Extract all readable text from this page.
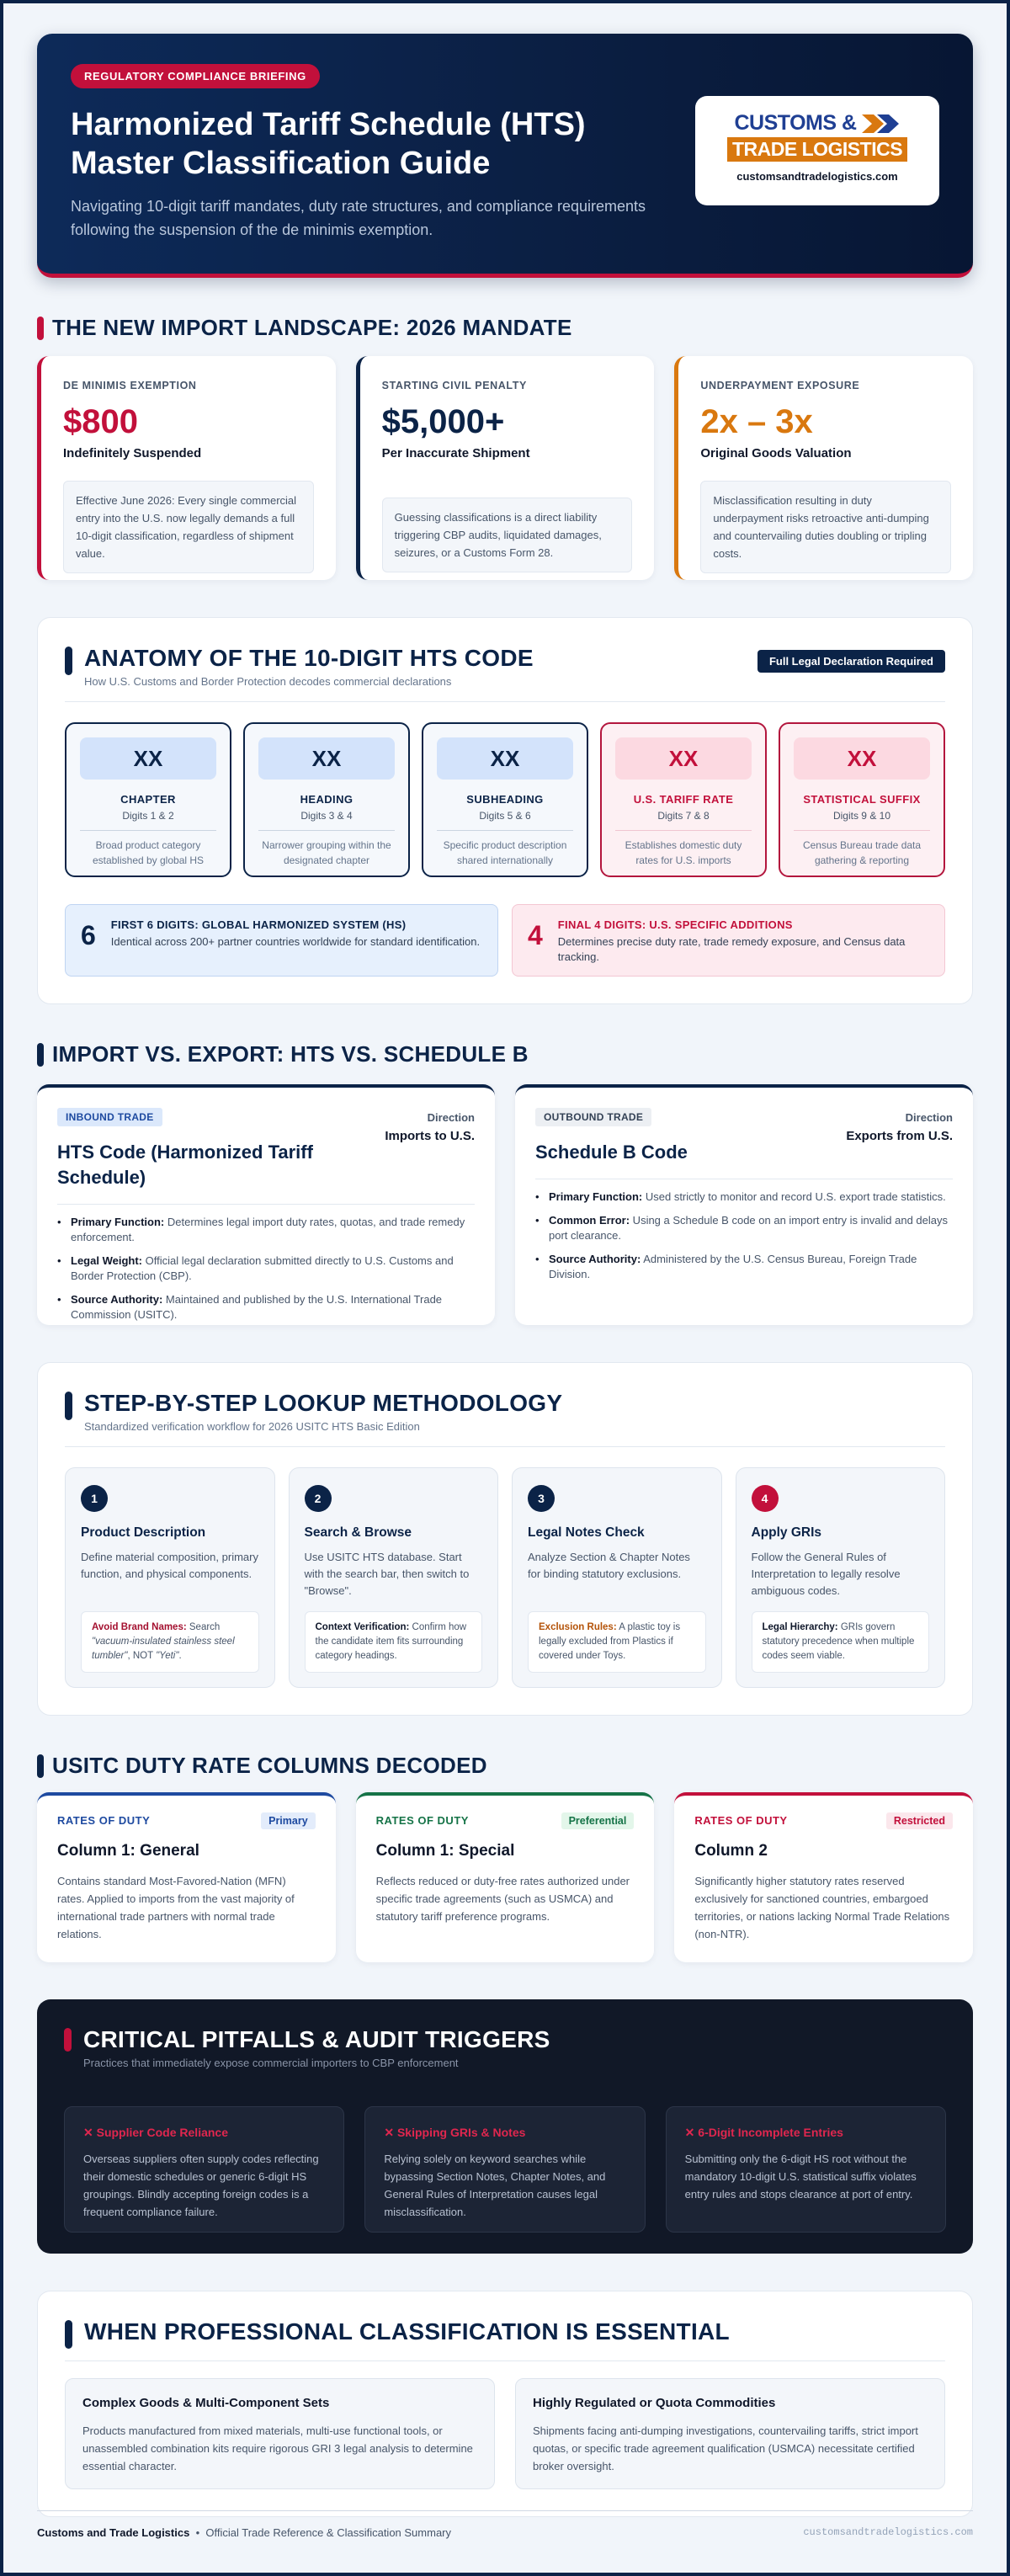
REGULATORY COMPLIANCE BRIEFING
Harmonized Tariff Schedule (HTS)
Master Classification Guide

Navigating 10-digit tariff mandates, duty rate structures, and compliance requirements following the suspension of the de minimis exemption.

CUSTOMS &
TRADE LOGISTICS
customsandtradelogistics.com
THE NEW IMPORT LANDSCAPE: 2026 MANDATE
DE MINIMIS EXEMPTION
$800
Indefinitely Suspended
Effective June 2026: Every single commercial entry into the U.S. now legally demands a full 10-digit classification, regardless of shipment value.
STARTING CIVIL PENALTY
$5,000+
Per Inaccurate Shipment
Guessing classifications is a direct liability triggering CBP audits, liquidated damages, seizures, or a Customs Form 28.
UNDERPAYMENT EXPOSURE
2x – 3x
Original Goods Valuation
Misclassification resulting in duty underpayment risks retroactive anti-dumping and countervailing duties doubling or tripling costs.
ANATOMY OF THE 10-DIGIT HTS CODE
How U.S. Customs and Border Protection decodes commercial declarations
Full Legal Declaration Required
XX
CHAPTER
Digits 1 & 2
Broad product category established by global HS
XX
HEADING
Digits 3 & 4
Narrower grouping within the designated chapter
XX
SUBHEADING
Digits 5 & 6
Specific product description shared internationally
XX
U.S. TARIFF RATE
Digits 7 & 8
Establishes domestic duty rates for U.S. imports
XX
STATISTICAL SUFFIX
Digits 9 & 10
Census Bureau trade data gathering & reporting
6 FIRST 6 DIGITS: GLOBAL HARMONIZED SYSTEM (HS)
Identical across 200+ partner countries worldwide for standard identification. 4 FINAL 4 DIGITS: U.S. SPECIFIC ADDITIONS
Determines precise duty rate, trade remedy exposure, and Census data tracking.
IMPORT VS. EXPORT: HTS VS. SCHEDULE B
INBOUND TRADE
HTS Code (Harmonized Tariff Schedule)
Direction
Imports to U.S.
• Primary Function: Determines legal import duty rates, quotas, and trade remedy enforcement.
• Legal Weight: Official legal declaration submitted directly to U.S. Customs and Border Protection (CBP).
• Source Authority: Maintained and published by the U.S. International Trade Commission (USITC).
OUTBOUND TRADE
Schedule B Code
Direction
Exports from U.S.
• Primary Function: Used strictly to monitor and record U.S. export trade statistics.
• Common Error: Using a Schedule B code on an import entry is invalid and delays port clearance.
• Source Authority: Administered by the U.S. Census Bureau, Foreign Trade Division.
STEP-BY-STEP LOOKUP METHODOLOGY
Standardized verification workflow for 2026 USITC HTS Basic Edition
1
Product Description
Define material composition, primary function, and physical components.
Avoid Brand Names: Search "vacuum-insulated stainless steel tumbler", NOT "Yeti".
2
Search & Browse
Use USITC HTS database. Start with the search bar, then switch to "Browse".
Context Verification: Confirm how the candidate item fits surrounding category headings.
3
Legal Notes Check
Analyze Section & Chapter Notes for binding statutory exclusions.
Exclusion Rules: A plastic toy is legally excluded from Plastics if covered under Toys.
4
Apply GRIs
Follow the General Rules of Interpretation to legally resolve ambiguous codes.
Legal Hierarchy: GRIs govern statutory precedence when multiple codes seem viable.
USITC DUTY RATE COLUMNS DECODED
RATES OF DUTY	Primary
Column 1: General
Contains standard Most-Favored-Nation (MFN) rates. Applied to imports from the vast majority of international trade partners with normal trade relations.
RATES OF DUTY	Preferential
Column 1: Special
Reflects reduced or duty-free rates authorized under specific trade agreements (such as USMCA) and statutory tariff preference programs.
RATES OF DUTY	Restricted
Column 2
Significantly higher statutory rates reserved exclusively for sanctioned countries, embargoed territories, or nations lacking Normal Trade Relations (non-NTR).
CRITICAL PITFALLS & AUDIT TRIGGERS
Practices that immediately expose commercial importers to CBP enforcement
✕ Supplier Code Reliance
Overseas suppliers often supply codes reflecting their domestic schedules or generic 6-digit HS groupings. Blindly accepting foreign codes is a frequent compliance failure.
✕ Skipping GRIs & Notes
Relying solely on keyword searches while bypassing Section Notes, Chapter Notes, and General Rules of Interpretation causes legal misclassification.
✕ 6-Digit Incomplete Entries
Submitting only the 6-digit HS root without the mandatory 10-digit U.S. statistical suffix violates entry rules and stops clearance at port of entry.
WHEN PROFESSIONAL CLASSIFICATION IS ESSENTIAL
Complex Goods & Multi-Component Sets
Products manufactured from mixed materials, multi-use functional tools, or unassembled combination kits require rigorous GRI 3 legal analysis to determine essential character.
Highly Regulated or Quota Commodities
Shipments facing anti-dumping investigations, countervailing tariffs, strict import quotas, or specific trade agreement qualification (USMCA) necessitate certified broker oversight.
Customs and Trade Logistics • Official Trade Reference & Classification Summary	customsandtradelogistics.com
